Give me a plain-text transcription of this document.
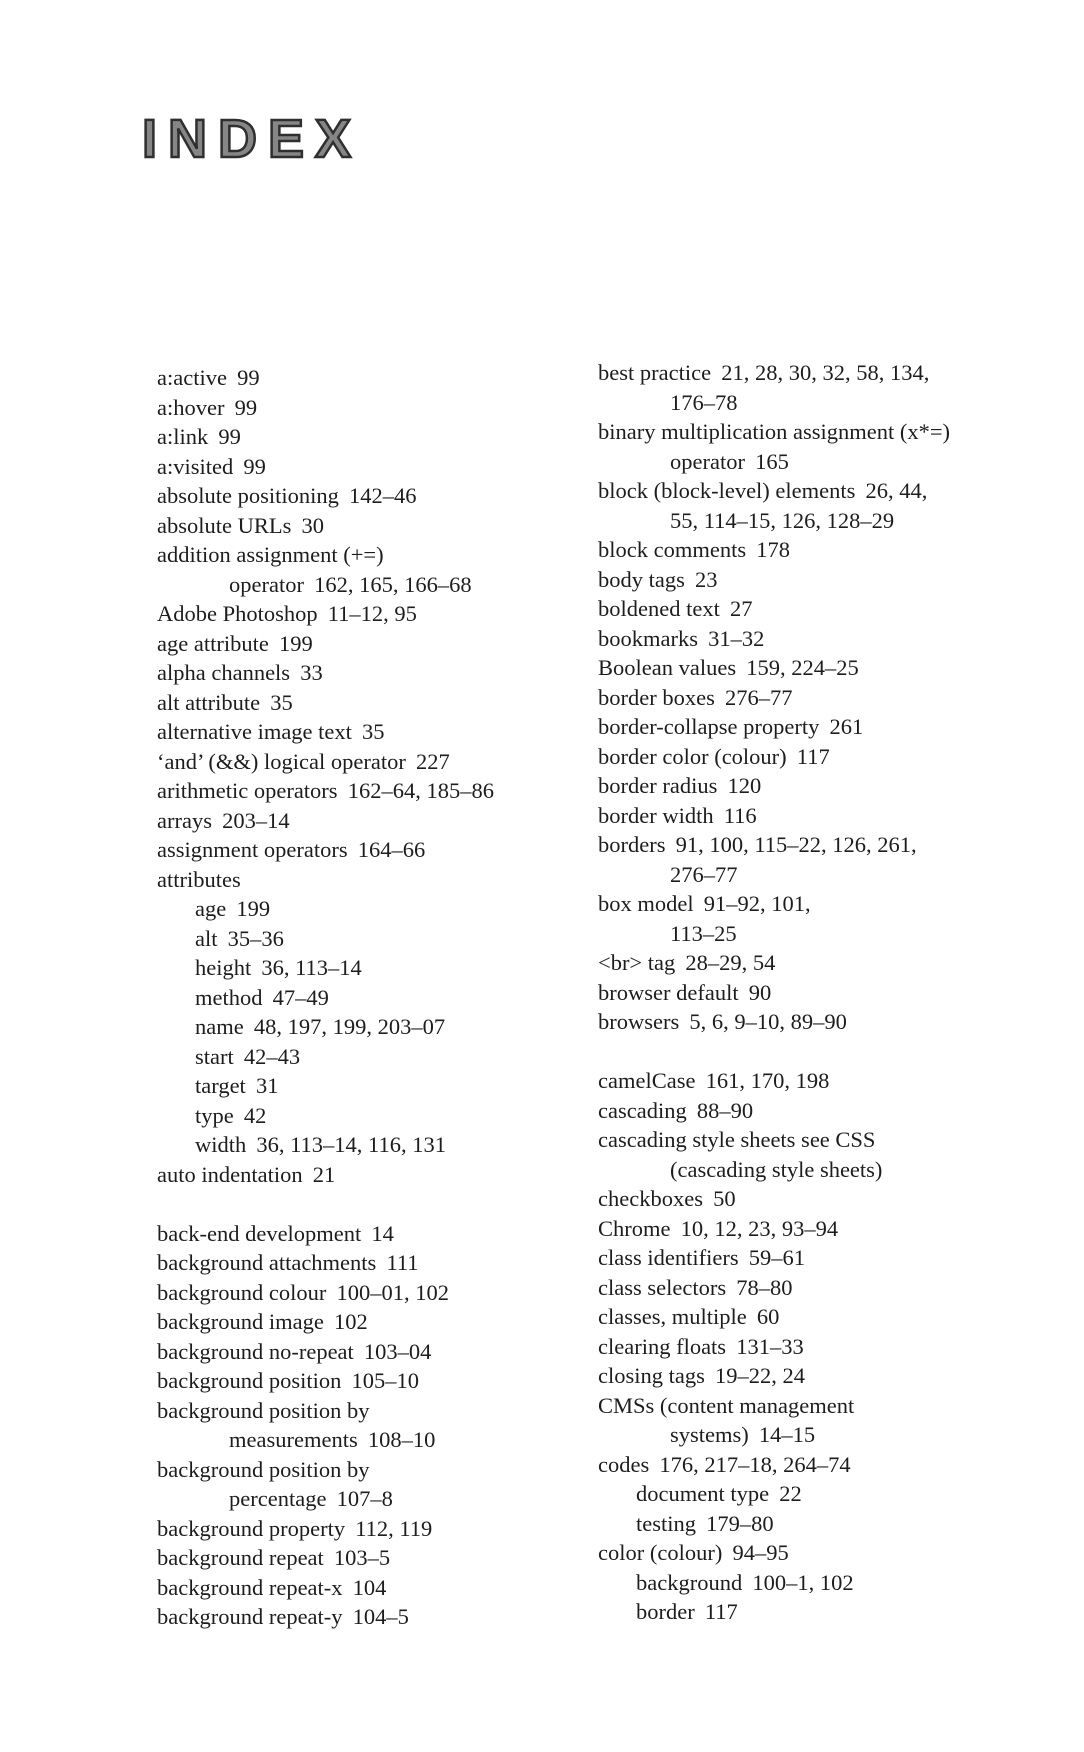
INDEX
a:active 99
a:hover 99
a:link 99
a:visited 99
absolute positioning 142–46
absolute URLs 30
addition assignment (+=)
operator 162, 165, 166–68
Adobe Photoshop 11–12, 95
age attribute 199
alpha channels 33
alt attribute 35
alternative image text 35
‘and’ (&&) logical operator 227
arithmetic operators 162–64, 185–86
arrays 203–14
assignment operators 164–66
attributes
age 199
alt 35–36
height 36, 113–14
method 47–49
name 48, 197, 199, 203–07
start 42–43
target 31
type 42
width 36, 113–14, 116, 131
auto indentation 21
back-end development 14
background attachments 111
background colour 100–01, 102
background image 102
background no-repeat 103–04
background position 105–10
background position by
measurements 108–10
background position by
percentage 107–8
background property 112, 119
background repeat 103–5
background repeat-x 104
background repeat-y 104–5
best practice 21, 28, 30, 32, 58, 134,
176–78
binary multiplication assignment (x*=)
operator 165
block (block-level) elements 26, 44,
55, 114–15, 126, 128–29
block comments 178
body tags 23
boldened text 27
bookmarks 31–32
Boolean values 159, 224–25
border boxes 276–77
border-collapse property 261
border color (colour) 117
border radius 120
border width 116
borders 91, 100, 115–22, 126, 261,
276–77
box model 91–92, 101,
113–25
<br> tag 28–29, 54
browser default 90
browsers 5, 6, 9–10, 89–90
camelCase 161, 170, 198
cascading 88–90
cascading style sheets see CSS
(cascading style sheets)
checkboxes 50
Chrome 10, 12, 23, 93–94
class identifiers 59–61
class selectors 78–80
classes, multiple 60
clearing floats 131–33
closing tags 19–22, 24
CMSs (content management
systems) 14–15
codes 176, 217–18, 264–74
document type 22
testing 179–80
color (colour) 94–95
background 100–1, 102
border 117
